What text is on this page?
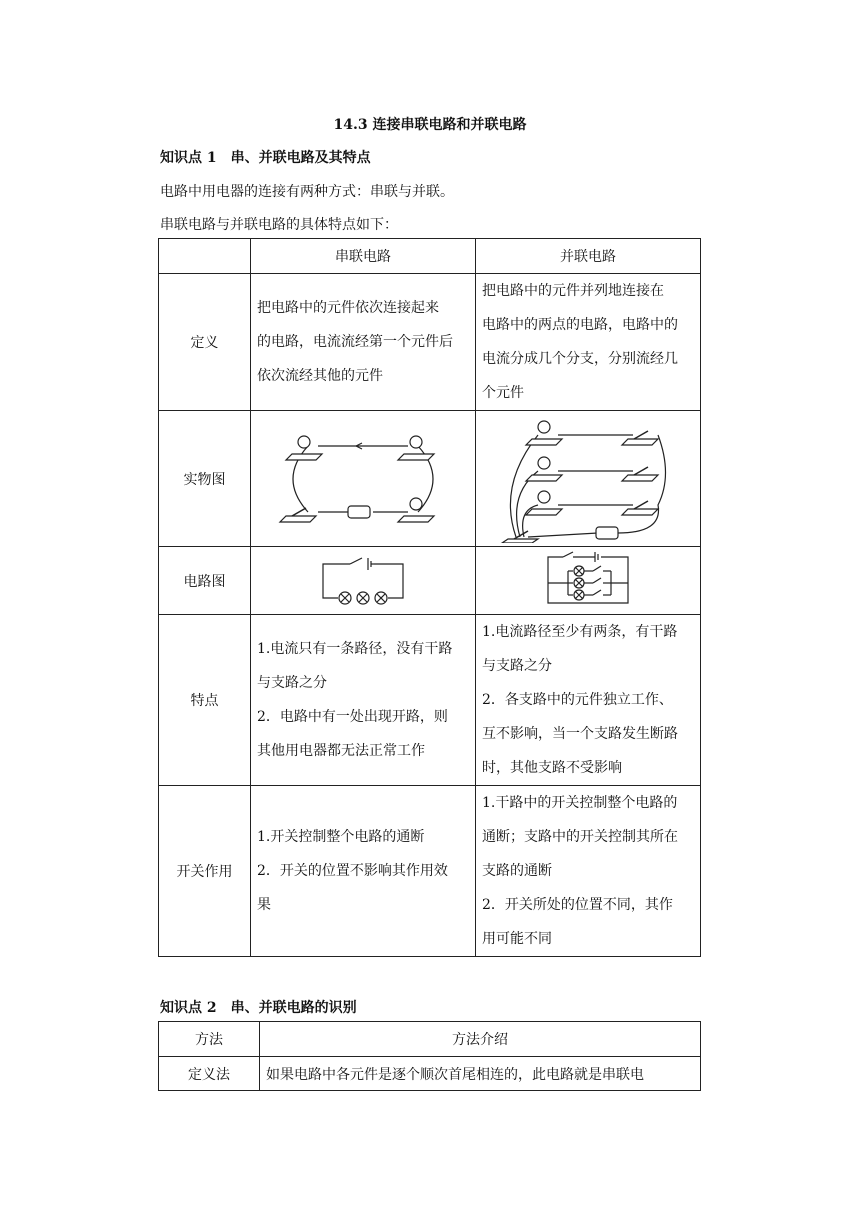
14.3 连接串联电路和并联电路
知识点 1　串、并联电路及其特点
电路中用电器的连接有两种方式：串联与并联。
串联电路与并联电路的具体特点如下：
	串联电路	并联电路
定义	把电路中的元件依次连接起来
的电路，电流流经第一个元件后
依次流经其他的元件	把电路中的元件并列地连接在
电路中的两点的电路，电路中的
电流分成几个分支，分别流经几
个元件

实物图	

电路图	

特点	1.电流只有一条路径，没有干路
与支路之分
2．电路中有一处出现开路，则
其他用电器都无法正常工作	1.电流路径至少有两条，有干路
与支路之分
2．各支路中的元件独立工作、
互不影响，当一个支路发生断路
时，其他支路不受影响

开关作用	1.开关控制整个电路的通断
2．开关的位置不影响其作用效
果	1.干路中的开关控制整个电路的
通断；支路中的开关控制其所在
支路的通断
2．开关所处的位置不同，其作
用可能不同
知识点 2　串、并联电路的识别
方法	方法介绍
定义法	如果电路中各元件是逐个顺次首尾相连的，此电路就是串联电
